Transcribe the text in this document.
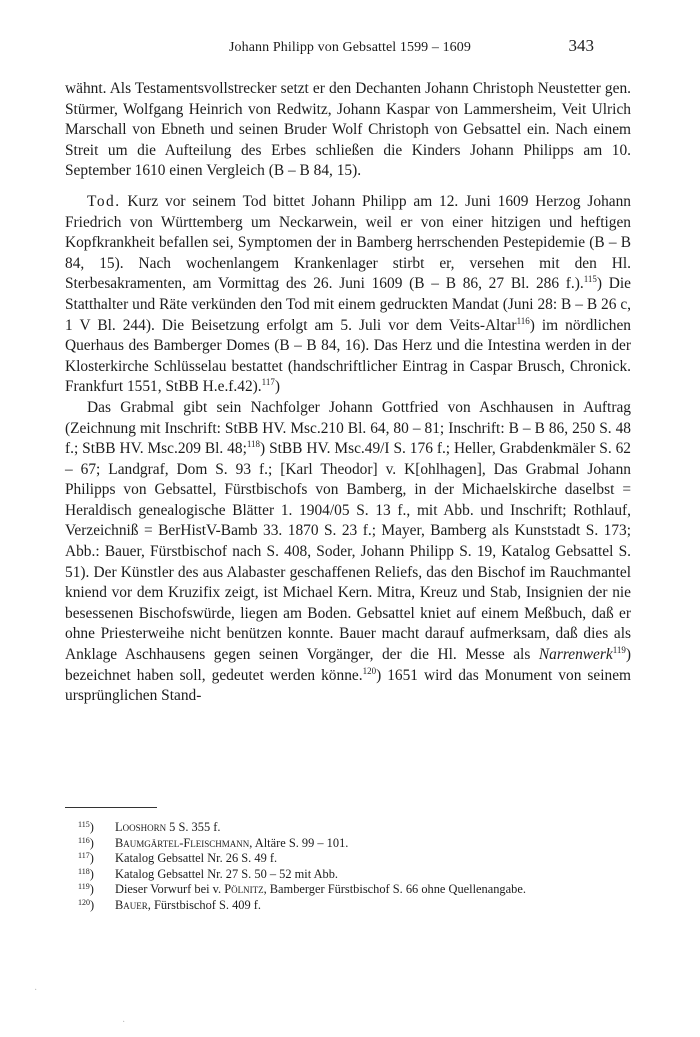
Johann Philipp von Gebsattel 1599 – 1609	343

wähnt. Als Testamentsvollstrecker setzt er den Dechanten Johann Christoph Neustetter gen. Stürmer, Wolfgang Heinrich von Redwitz, Johann Kaspar von Lammersheim, Veit Ulrich Marschall von Ebneth und seinen Bruder Wolf Christoph von Gebsattel ein. Nach einem Streit um die Aufteilung des Erbes schließen die Kinders Johann Philipps am 10. September 1610 einen Vergleich (B – B 84, 15).

Tod. Kurz vor seinem Tod bittet Johann Philipp am 12. Juni 1609 Herzog Johann Friedrich von Württemberg um Neckarwein, weil er von einer hitzigen und heftigen Kopfkrankheit befallen sei, Symptomen der in Bamberg herrschenden Pestepidemie (B – B 84, 15). Nach wochenlangem Krankenlager stirbt er, versehen mit den Hl. Sterbesakramenten, am Vormittag des 26. Juni 1609 (B – B 86, 27 Bl. 286 f.).$^{115}$) Die Statthalter und Räte verkünden den Tod mit einem gedruckten Mandat (Juni 28: B – B 26 c, 1 V Bl. 244). Die Beisetzung erfolgt am 5. Juli vor dem Veits-Altar$^{116}$) im nördlichen Querhaus des Bamberger Domes (B – B 84, 16). Das Herz und die Intestina werden in der Klosterkirche Schlüsselau bestattet (handschriftlicher Eintrag in Caspar Brusch, Chronick. Frankfurt 1551, StBB H.e.f.42).$^{117}$)

Das Grabmal gibt sein Nachfolger Johann Gottfried von Aschhausen in Auftrag (Zeichnung mit Inschrift: StBB HV. Msc.210 Bl. 64, 80 – 81; Inschrift: B – B 86, 250 S. 48 f.; StBB HV. Msc.209 Bl. 48;$^{118}$) StBB HV. Msc.49/I S. 176 f.; Heller, Grabdenkmäler S. 62 – 67; Landgraf, Dom S. 93 f.; [Karl Theodor] v. K[ohlhagen], Das Grabmal Johann Philipps von Gebsattel, Fürstbischofs von Bamberg, in der Michaelskirche daselbst = Heraldisch genealogische Blätter 1. 1904/05 S. 13 f., mit Abb. und Inschrift; Rothlauf, Verzeichniß = BerHistV-Bamb 33. 1870 S. 23 f.; Mayer, Bamberg als Kunststadt S. 173; Abb.: Bauer, Fürstbischof nach S. 408, Soder, Johann Philipp S. 19, Katalog Gebsattel S. 51). Der Künstler des aus Alabaster geschaffenen Reliefs, das den Bischof im Rauchmantel kniend vor dem Kruzifix zeigt, ist Michael Kern. Mitra, Kreuz und Stab, Insignien der nie besessenen Bischofswürde, liegen am Boden. Gebsattel kniet auf einem Meßbuch, daß er ohne Priesterweihe nicht benützen konnte. Bauer macht darauf aufmerksam, daß dies als Anklage Aschhausens gegen seinen Vorgänger, der die Hl. Messe als Narrenwerk$^{119}$) bezeichnet haben soll, gedeutet werden könne.$^{120}$) 1651 wird das Monument von seinem ursprünglichen Stand-

$^{115}$) Looshorn 5 S. 355 f.
$^{116}$) Baumgärtel-Fleischmann, Altäre S. 99 – 101.
$^{117}$) Katalog Gebsattel Nr. 26 S. 49 f.
$^{118}$) Katalog Gebsattel Nr. 27 S. 50 – 52 mit Abb.
$^{119}$) Dieser Vorwurf bei v. Pölnitz, Bamberger Fürstbischof S. 66 ohne Quellenangabe.
$^{120}$) Bauer, Fürstbischof S. 409 f.
·
·
